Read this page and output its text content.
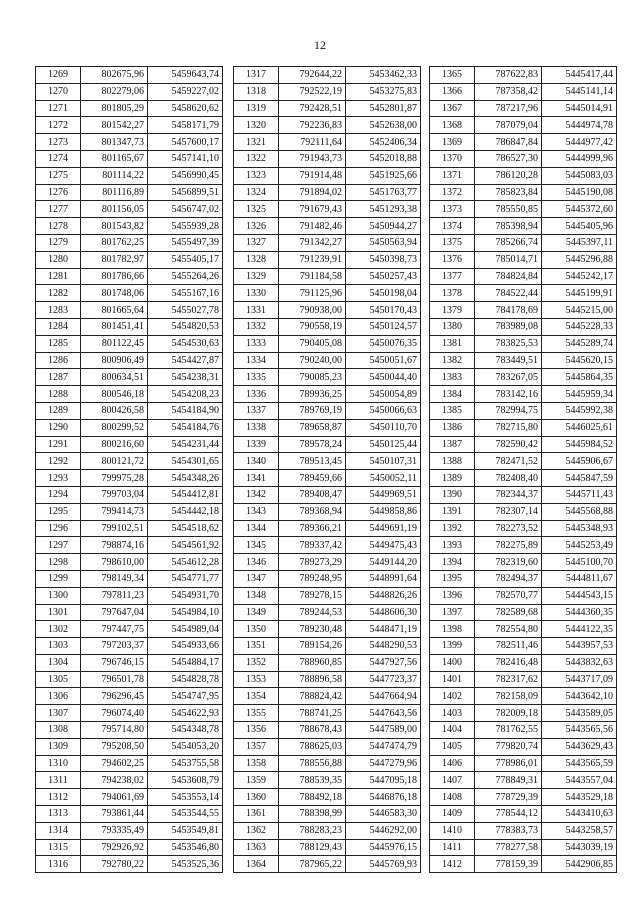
12
1269	802675,96	5459643,74
1270	802279,06	5459227,02
1271	801805,29	5458620,62
1272	801542,27	5458171,79
1273	801347,73	5457600,17
1274	801165,67	5457141,10
1275	801114,22	5456990,45
1276	801116,89	5456899,51
1277	801156,05	5456747,02
1278	801543,82	5455939,28
1279	801762,25	5455497,39
1280	801782,97	5455405,17
1281	801786,66	5455264,26
1282	801748,06	5455167,16
1283	801665,64	5455027,78
1284	801451,41	5454820,53
1285	801122,45	5454530,63
1286	800906,49	5454427,87
1287	800634,51	5454238,31
1288	800546,18	5454208,23
1289	800426,58	5454184,90
1290	800299,52	5454184,76
1291	800216,60	5454231,44
1292	800121,72	5454301,65
1293	799975,28	5454348,26
1294	799703,04	5454412,81
1295	799414,73	5454442,18
1296	799102,51	5454518,62
1297	798874,16	5454561,92
1298	798610,00	5454612,28
1299	798149,34	5454771,77
1300	797811,23	5454931,70
1301	797647,04	5454984,10
1302	797447,75	5454989,04
1303	797203,37	5454933,66
1304	796746,15	5454884,17
1305	796501,78	5454828,78
1306	796296,45	5454747,95
1307	796074,40	5454622,93
1308	795714,80	5454348,78
1309	795208,50	5454053,20
1310	794602,25	5453755,58
1311	794238,02	5453608,79
1312	794061,69	5453553,14
1313	793861,44	5453544,55
1314	793335,49	5453549,81
1315	792926,92	5453546,80
1316	792780,22	5453525,36
1317	792644,22	5453462,33
1318	792522,19	5453275,83
1319	792428,51	5452801,87
1320	792236,83	5452638,00
1321	792111,64	5452406,34
1322	791943,73	5452018,88
1323	791914,48	5451925,66
1324	791894,02	5451763,77
1325	791679,43	5451293,38
1326	791482,46	5450944,27
1327	791342,27	5450563,94
1328	791239,91	5450398,73
1329	791184,58	5450257,43
1330	791125,96	5450198,04
1331	790938,00	5450170,43
1332	790558,19	5450124,57
1333	790405,08	5450076,35
1334	790240,00	5450051,67
1335	790085,23	5450044,40
1336	789936,25	5450054,89
1337	789769,19	5450066,63
1338	789658,87	5450110,70
1339	789578,24	5450125,44
1340	789513,45	5450107,31
1341	789459,66	5450052,11
1342	789408,47	5449969,51
1343	789368,94	5449858,86
1344	789366,21	5449691,19
1345	789337,42	5449475,43
1346	789273,29	5449144,20
1347	789248,95	5448991,64
1348	789278,15	5448826,26
1349	789244,53	5448606,30
1350	789230,48	5448471,19
1351	789154,26	5448290,53
1352	788960,85	5447927,56
1353	788896,58	5447723,37
1354	788824,42	5447664,94
1355	788741,25	5447643,56
1356	788678,43	5447589,00
1357	788625,03	5447474,79
1358	788556,88	5447279,96
1359	788539,35	5447095,18
1360	788492,18	5446876,18
1361	788398,99	5446583,30
1362	788283,23	5446292,00
1363	788129,43	5445976,15
1364	787965,22	5445769,93
1365	787622,83	5445417,44
1366	787358,42	5445141,14
1367	787217,96	5445014,91
1368	787079,04	5444974,78
1369	786847,84	5444977,42
1370	786527,30	5444999,96
1371	786120,28	5445083,03
1372	785823,84	5445190,08
1373	785550,85	5445372,60
1374	785398,94	5445405,96
1375	785266,74	5445397,11
1376	785014,71	5445296,88
1377	784824,84	5445242,17
1378	784522,44	5445199,91
1379	784178,69	5445215,00
1380	783989,08	5445228,33
1381	783825,53	5445289,74
1382	783449,51	5445620,15
1383	783267,05	5445864,35
1384	783142,16	5445959,34
1385	782994,75	5445992,38
1386	782715,80	5446025,61
1387	782590,42	5445984,52
1388	782471,52	5445906,67
1389	782408,40	5445847,59
1390	782344,37	5445711,43
1391	782307,14	5445568,88
1392	782273,52	5445348,93
1393	782275,89	5445253,49
1394	782319,60	5445100,70
1395	782494,37	5444811,67
1396	782570,77	5444543,15
1397	782589,68	5444360,35
1398	782554,80	5444122,35
1399	782511,46	5443957,53
1400	782416,48	5443832,63
1401	782317,62	5443717,09
1402	782158,09	5443642,10
1403	782009,18	5443589,05
1404	781762,55	5443565,56
1405	779820,74	5443629,43
1406	778986,01	5443565,59
1407	778849,31	5443557,04
1408	778729,39	5443529,18
1409	778544,12	5443410,63
1410	778383,73	5443258,57
1411	778277,58	5443039,19
1412	778159,39	5442906,85
